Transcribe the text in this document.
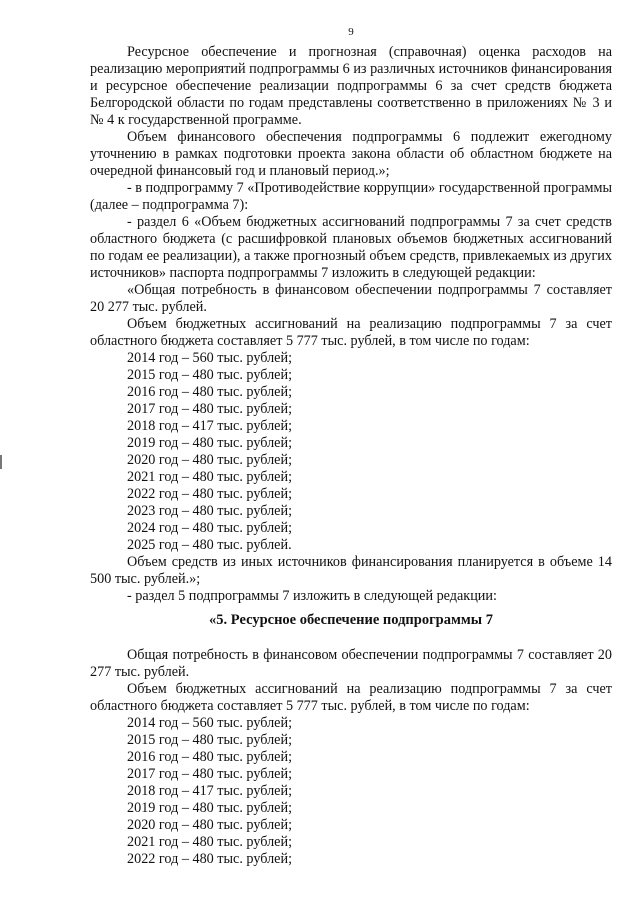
9

Ресурсное обеспечение и прогнозная (справочная) оценка расходов на реализацию мероприятий подпрограммы 6 из различных источников финансирования и ресурсное обеспечение реализации подпрограммы 6 за счет средств бюджета Белгородской области по годам представлены соответственно в приложениях № 3 и № 4 к государственной программе.

Объем финансового обеспечения подпрограммы 6 подлежит ежегодному уточнению в рамках подготовки проекта закона области об областном бюджете на очередной финансовый год и плановый период.»;

- в подпрограмму 7 «Противодействие коррупции» государственной программы (далее – подпрограмма 7):

- раздел 6 «Объем бюджетных ассигнований подпрограммы 7 за счет средств областного бюджета (с расшифровкой плановых объемов бюджетных ассигнований по годам ее реализации), а также прогнозный объем средств, привлекаемых из других источников» паспорта подпрограммы 7 изложить в следующей редакции:

«Общая потребность в финансовом обеспечении подпрограммы 7 составляет 20 277 тыс. рублей.

Объем бюджетных ассигнований на реализацию подпрограммы 7 за счет областного бюджета составляет 5 777 тыс. рублей, в том числе по годам:

2014 год – 560 тыс. рублей;
2015 год – 480 тыс. рублей;
2016 год – 480 тыс. рублей;
2017 год – 480 тыс. рублей;
2018 год – 417 тыс. рублей;
2019 год – 480 тыс. рублей;
2020 год – 480 тыс. рублей;
2021 год – 480 тыс. рублей;
2022 год – 480 тыс. рублей;
2023 год – 480 тыс. рублей;
2024 год – 480 тыс. рублей;
2025 год – 480 тыс. рублей.

Объем средств из иных источников финансирования планируется в объеме 14 500 тыс. рублей.»;

- раздел 5 подпрограммы 7 изложить в следующей редакции:

«5. Ресурсное обеспечение подпрограммы 7

Общая потребность в финансовом обеспечении подпрограммы 7 составляет 20 277 тыс. рублей.

Объем бюджетных ассигнований на реализацию подпрограммы 7 за счет областного бюджета составляет 5 777 тыс. рублей, в том числе по годам:

2014 год – 560 тыс. рублей;
2015 год – 480 тыс. рублей;
2016 год – 480 тыс. рублей;
2017 год – 480 тыс. рублей;
2018 год – 417 тыс. рублей;
2019 год – 480 тыс. рублей;
2020 год – 480 тыс. рублей;
2021 год – 480 тыс. рублей;
2022 год – 480 тыс. рублей;
